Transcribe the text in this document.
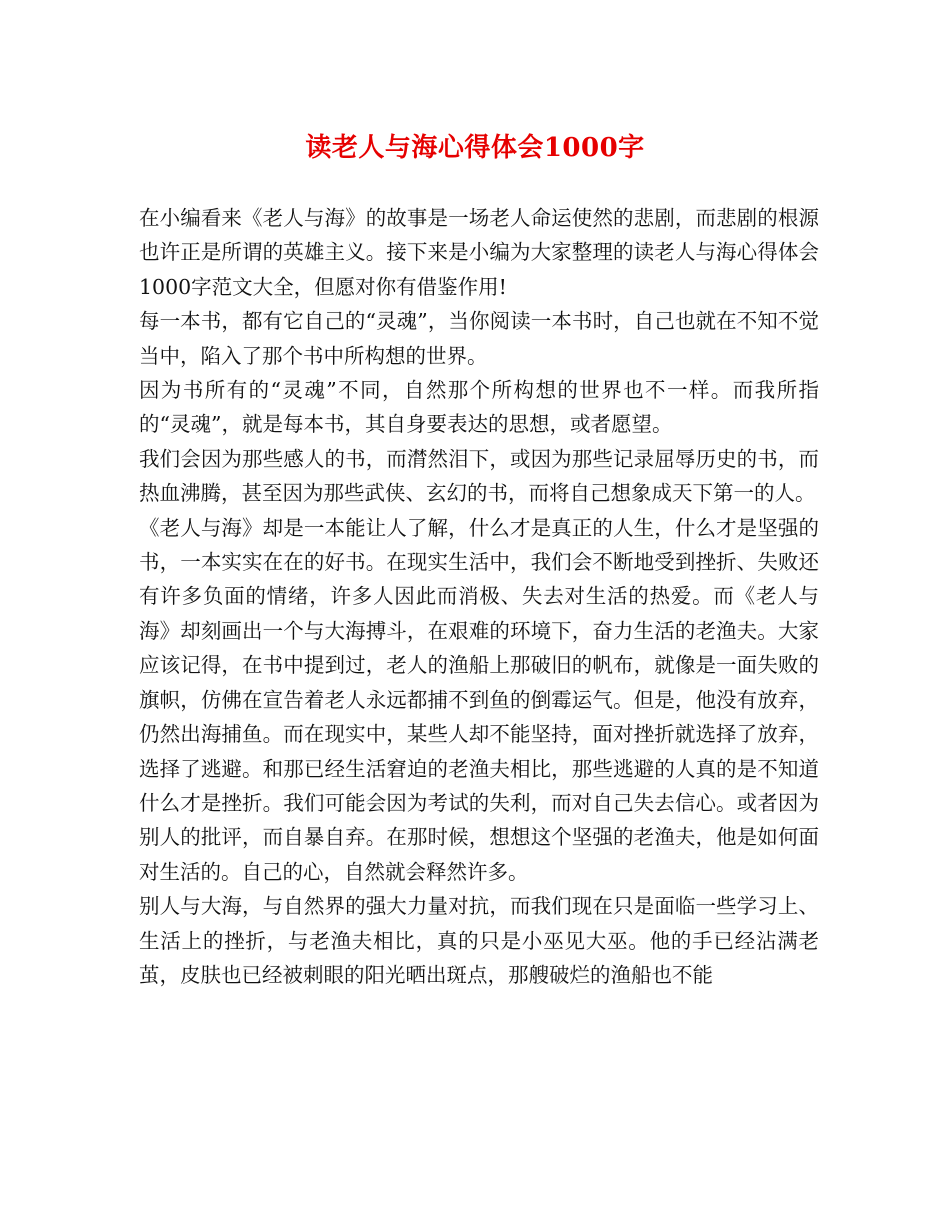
读老人与海心得体会1000字

在小编看来《老人与海》的故事是一场老人命运使然的悲剧，而悲剧的根源也许正是所谓的英雄主义。接下来是小编为大家整理的读老人与海心得体会1000字范文大全，但愿对你有借鉴作用!

每一本书，都有它自己的“灵魂”，当你阅读一本书时，自己也就在不知不觉当中，陷入了那个书中所构想的世界。

因为书所有的“灵魂”不同，自然那个所构想的世界也不一样。而我所指的“灵魂”，就是每本书，其自身要表达的思想，或者愿望。

我们会因为那些感人的书，而潸然泪下，或因为那些记录屈辱历史的书，而热血沸腾，甚至因为那些武侠、玄幻的书，而将自己想象成天下第一的人。

《老人与海》却是一本能让人了解，什么才是真正的人生，什么才是坚强的书，一本实实在在的好书。在现实生活中，我们会不断地受到挫折、失败还有许多负面的情绪，许多人因此而消极、失去对生活的热爱。而《老人与海》却刻画出一个与大海搏斗，在艰难的环境下，奋力生活的老渔夫。大家应该记得，在书中提到过，老人的渔船上那破旧的帆布，就像是一面失败的旗帜，仿佛在宣告着老人永远都捕不到鱼的倒霉运气。但是，他没有放弃，仍然出海捕鱼。而在现实中，某些人却不能坚持，面对挫折就选择了放弃，选择了逃避。和那已经生活窘迫的老渔夫相比，那些逃避的人真的是不知道什么才是挫折。我们可能会因为考试的失利，而对自己失去信心。或者因为别人的批评，而自暴自弃。在那时候，想想这个坚强的老渔夫，他是如何面对生活的。自己的心，自然就会释然许多。

别人与大海，与自然界的强大力量对抗，而我们现在只是面临一些学习上、生活上的挫折，与老渔夫相比，真的只是小巫见大巫。他的手已经沾满老茧，皮肤也已经被刺眼的阳光晒出斑点，那艘破烂的渔船也不能
